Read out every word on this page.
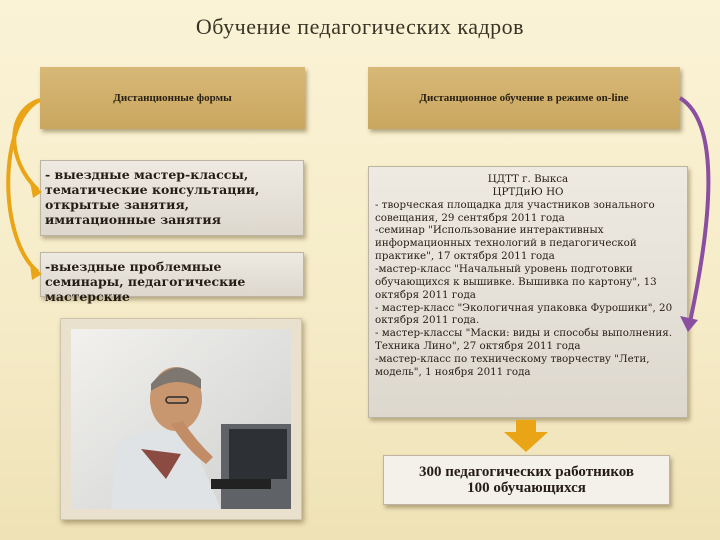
Обучение педагогических кадров
Дистанционные формы	Дистанционное обучение в режиме on-line
- выездные мастер-классы, тематические консультации, открытые занятия, имитационные занятия
-выездные проблемные семинары, педагогические мастерские
ЦДТТ г. Выкса
ЦРТДиЮ НО

- творческая площадка для участников зонального совещания, 29 сентября 2011 года

-семинар "Использование интерактивных информационных технологий в педагогической практике", 17 октября 2011 года

-мастер-класс "Начальный уровень подготовки обучающихся к вышивке. Вышивка по картону", 13 октября 2011 года

- мастер-класс "Экологичная упаковка Фурошики", 20 октября 2011 года.

- мастер-классы "Маски: виды и способы выполнения. Техника Лино", 27 октября 2011 года

-мастер-класс по техническому творчеству "Лети, модель", 1 ноября 2011 года

300 педагогических работников
100 обучающихся
